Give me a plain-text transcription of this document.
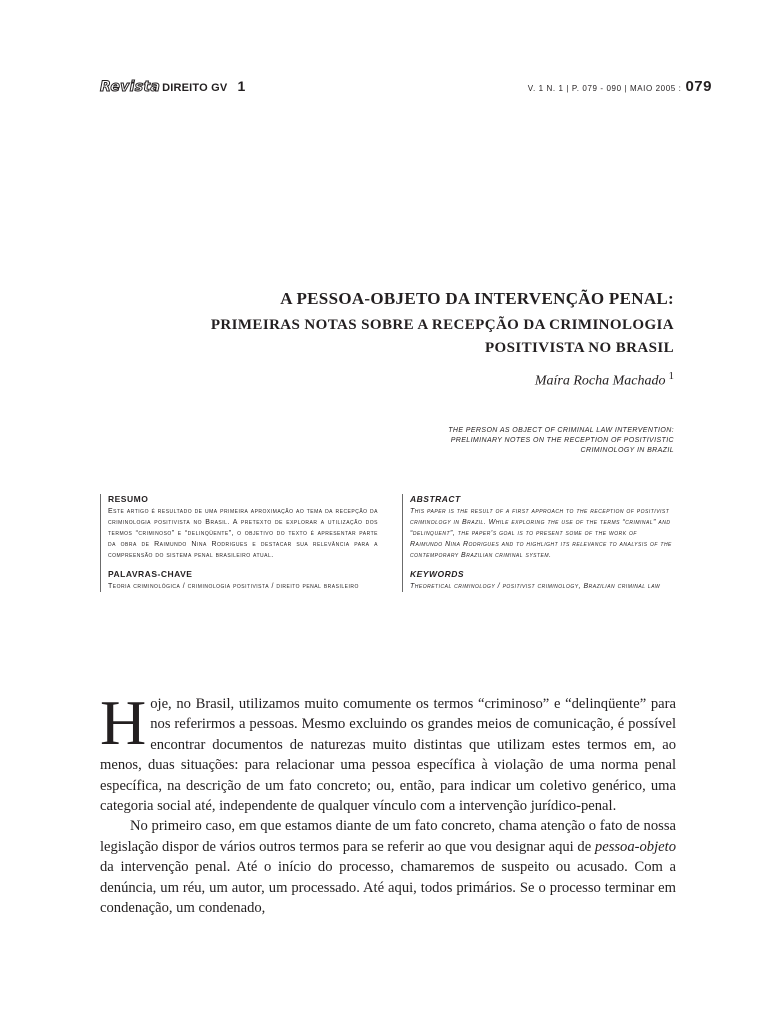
Revista DIREITO GV 1	V. 1 N. 1 | P. 079 - 090 | MAIO 2005 : 079
A PESSOA-OBJETO DA INTERVENÇÃO PENAL:
PRIMEIRAS NOTAS SOBRE A RECEPÇÃO DA CRIMINOLOGIA
POSITIVISTA NO BRASIL
Maíra Rocha Machado $^1$
THE PERSON AS OBJECT OF CRIMINAL LAW INTERVENTION:
PRELIMINARY NOTES ON THE RECEPTION OF POSITIVISTIC
CRIMINOLOGY IN BRAZIL
RESUMO

Este artigo é resultado de uma primeira aproximação ao tema da recepção da criminologia positivista no Brasil. A pretexto de explorar a utilização dos termos “criminoso” e “delinqüente”, o objetivo do texto é apresentar parte da obra de Raimundo Nina Rodrigues e destacar sua relevância para a compreensão do sistema penal brasileiro atual.

PALAVRAS-CHAVE

Teoria criminológica / criminologia positivista / direito penal brasileiro

ABSTRACT

This paper is the result of a first approach to the reception of positivist criminology in Brazil. While exploring the use of the terms “criminal” and “delinquent”, the paper’s goal is to present some of the work of Raimundo Nina Rodrigues and to highlight its relevance to analysis of the contemporary Brazilian criminal system.

KEYWORDS

Theoretical criminology / positivist criminology, Brazilian criminal law

Hoje, no Brasil, utilizamos muito comumente os termos “criminoso” e “delinqüente” para nos referirmos a pessoas. Mesmo excluindo os grandes meios de comunicação, é possível encontrar documentos de naturezas muito distintas que utilizam estes termos em, ao menos, duas situações: para relacionar uma pessoa específica à violação de uma norma penal específica, na descrição de um fato concreto; ou, então, para indicar um coletivo genérico, uma categoria social até, independente de qualquer vínculo com a intervenção jurídico-penal.

No primeiro caso, em que estamos diante de um fato concreto, chama atenção o fato de nossa legislação dispor de vários outros termos para se referir ao que vou designar aqui de pessoa-objeto da intervenção penal. Até o início do processo, chamaremos de suspeito ou acusado. Com a denúncia, um réu, um autor, um processado. Até aqui, todos primários. Se o processo terminar em condenação, um condenado,
